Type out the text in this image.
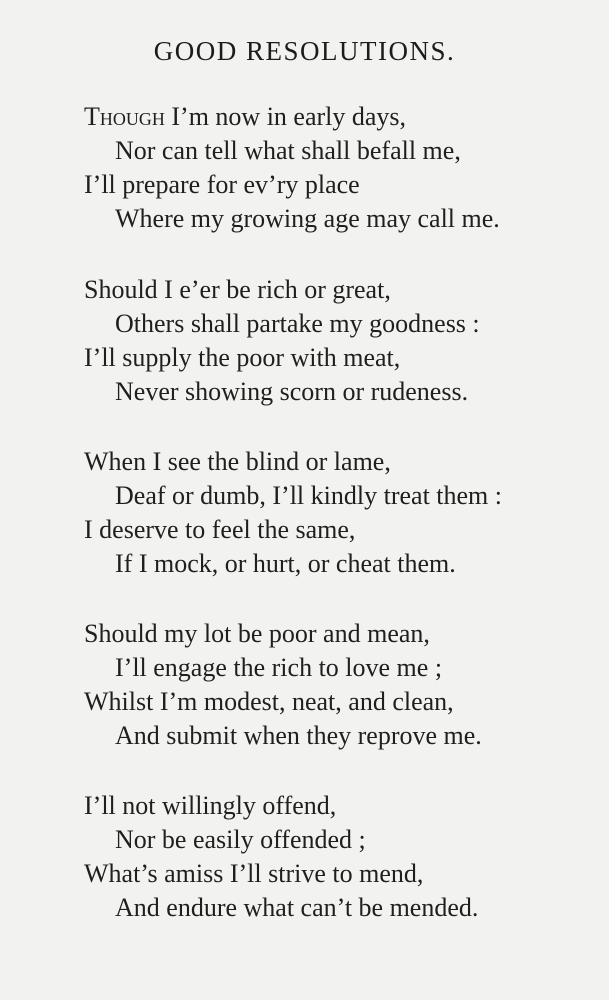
GOOD RESOLUTIONS.
Though I’m now in early days,
Nor can tell what shall befall me,
I’ll prepare for ev’ry place
Where my growing age may call me.
Should I e’er be rich or great,
Others shall partake my goodness :
I’ll supply the poor with meat,
Never showing scorn or rudeness.
When I see the blind or lame,
Deaf or dumb, I’ll kindly treat them :
I deserve to feel the same,
If I mock, or hurt, or cheat them.
Should my lot be poor and mean,
I’ll engage the rich to love me ;
Whilst I’m modest, neat, and clean,
And submit when they reprove me.
I’ll not willingly offend,
Nor be easily offended ;
What’s amiss I’ll strive to mend,
And endure what can’t be mended.
